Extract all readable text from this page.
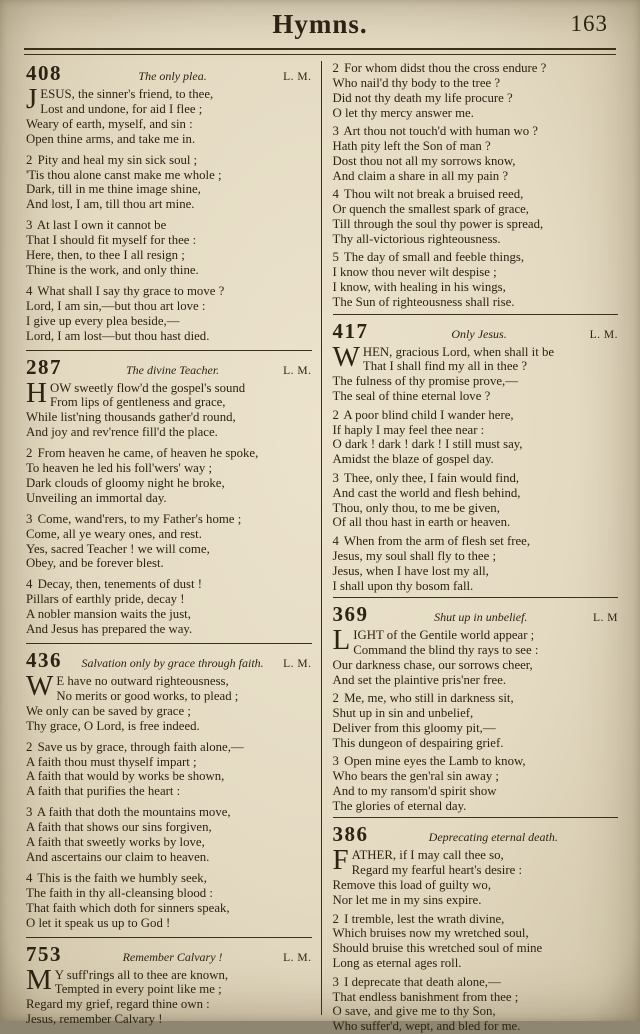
Hymns.	163
408	The only plea.	L. M.
J ESUS, the sinner's friend, to thee,
Lost and undone, for aid I flee ;
Weary of earth, myself, and sin :
Open thine arms, and take me in.
2 Pity and heal my sin sick soul ;
'Tis thou alone canst make me whole ;
Dark, till in me thine image shine,
And lost, I am, till thou art mine.
3 At last I own it cannot be
That I should fit myself for thee :
Here, then, to thee I all resign ;
Thine is the work, and only thine.
4 What shall I say thy grace to move ?
Lord, I am sin,—but thou art love :
I give up every plea beside,—
Lord, I am lost—but thou hast died.
287	The divine Teacher.	L. M.
H OW sweetly flow'd the gospel's sound
From lips of gentleness and grace,
While list'ning thousands gather'd round,
And joy and rev'rence fill'd the place.
2 From heaven he came, of heaven he spoke,
To heaven he led his foll'wers' way ;
Dark clouds of gloomy night he broke,
Unveiling an immortal day.
3 Come, wand'rers, to my Father's home ;
Come, all ye weary ones, and rest.
Yes, sacred Teacher ! we will come,
Obey, and be forever blest.
4 Decay, then, tenements of dust !
Pillars of earthly pride, decay !
A nobler mansion waits the just,
And Jesus has prepared the way.
436	Salvation only by grace through faith.	L. M.
W E have no outward righteousness,
No merits or good works, to plead ;
We only can be saved by grace ;
Thy grace, O Lord, is free indeed.
2 Save us by grace, through faith alone,—
A faith thou must thyself impart ;
A faith that would by works be shown,
A faith that purifies the heart :
3 A faith that doth the mountains move,
A faith that shows our sins forgiven,
A faith that sweetly works by love,
And ascertains our claim to heaven.
4 This is the faith we humbly seek,
The faith in thy all-cleansing blood :
That faith which doth for sinners speak,
O let it speak us up to God !
753	Remember Calvary !	L. M.
M Y suff'rings all to thee are known,
Tempted in every point like me ;
Regard my grief, regard thine own :
Jesus, remember Calvary !
2 For whom didst thou the cross endure ?
Who nail'd thy body to the tree ?
Did not thy death my life procure ?
O let thy mercy answer me.
3 Art thou not touch'd with human wo ?
Hath pity left the Son of man ?
Dost thou not all my sorrows know,
And claim a share in all my pain ?
4 Thou wilt not break a bruised reed,
Or quench the smallest spark of grace,
Till through the soul thy power is spread,
Thy all-victorious righteousness.
5 The day of small and feeble things,
I know thou never wilt despise ;
I know, with healing in his wings,
The Sun of righteousness shall rise.
417	Only Jesus.	L. M.
W HEN, gracious Lord, when shall it be
That I shall find my all in thee ?
The fulness of thy promise prove,—
The seal of thine eternal love ?
2 A poor blind child I wander here,
If haply I may feel thee near :
O dark ! dark ! dark ! I still must say,
Amidst the blaze of gospel day.
3 Thee, only thee, I fain would find,
And cast the world and flesh behind,
Thou, only thou, to me be given,
Of all thou hast in earth or heaven.
4 When from the arm of flesh set free,
Jesus, my soul shall fly to thee ;
Jesus, when I have lost my all,
I shall upon thy bosom fall.
369	Shut up in unbelief.	L. M
L IGHT of the Gentile world appear ;
Command the blind thy rays to see :
Our darkness chase, our sorrows cheer,
And set the plaintive pris'ner free.
2 Me, me, who still in darkness sit,
Shut up in sin and unbelief,
Deliver from this gloomy pit,—
This dungeon of despairing grief.
3 Open mine eyes the Lamb to know,
Who bears the gen'ral sin away ;
And to my ransom'd spirit show
The glories of eternal day.
386	Deprecating eternal death.
F ATHER, if I may call thee so,
Regard my fearful heart's desire :
Remove this load of guilty wo,
Nor let me in my sins expire.
2 I tremble, lest the wrath divine,
Which bruises now my wretched soul,
Should bruise this wretched soul of mine
Long as eternal ages roll.
3 I deprecate that death alone,—
That endless banishment from thee ;
O save, and give me to thy Son,
Who suffer'd, wept, and bled for me.
